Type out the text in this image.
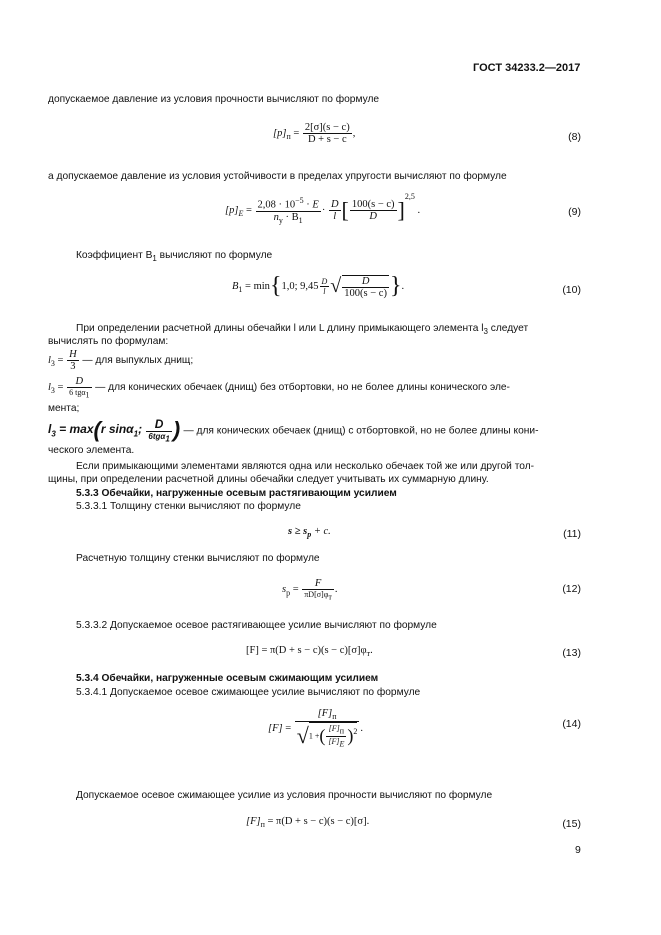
ГОСТ 34233.2—2017
допускаемое давление из условия прочности вычисляют по формуле
$[p]_п = \frac{2[\sigma](s - c)}{D + s - c}$ ,	(8)
а допускаемое давление из условия устойчивости в пределах упругости вычисляют по формуле
$[p]_E = \frac{2,08 \cdot 10^{-5} \cdot E}{n_y \cdot B_1} \cdot \frac{D}{l}$ [ $\frac{100(s - c)}{D} ]^{2,5}$ .	(9)
Коэффициент $B_1$ вычисляют по формуле
$B_1 = \min\{1,0$; $9,45 \frac{D}{l}$ √ $\frac{D}{100(s - c)}$ }.	(10)
При определении расчетной длины обечайки l или L длину примыкающего элемента $l_3$ следует
вычислять по формулам:
$l_3 = \frac{H}{3}$ — для выпуклых днищ;
$l_3 = \frac{D}{6 tg\alpha_1}$ — для конических обечаек (днищ) без отбортовки, но не более длины конического эле-
мента;
$l_3 = \max(r$ sinα$_1$; $\frac{D}{6tg\alpha_1}$ ) — для конических обечаек (днищ) с отбортовкой, но не более длины кони-
ческого элемента.
Если примыкающими элементами являются одна или несколько обечаек той же или другой тол-
щины, при определении расчетной длины обечайки следует учитывать их суммарную длину.
5.3.3 Обечайки, нагруженные осевым растягивающим усилием
5.3.3.1 Толщину стенки вычисляют по формуле
$s \ge s_p + c$.	(11)
Расчетную толщину стенки вычисляют по формуле
$s_p = \frac{F}{\pi D[\sigma]\varphi_т}$ .	(12)
5.3.3.2 Допускаемое осевое растягивающее усилие вычисляют по формуле
$[F] = \pi(D + s - c)(s - c)[\sigma]\varphi_т$.	(13)
5.3.4 Обечайки, нагруженные осевым сжимающим усилием
5.3.4.1 Допускаемое осевое сжимающее усилие вычисляют по формуле
[F] =
$[F]_п$
√1 +( $\frac{[F]_п}{[F]_E} )^2$ .	(14)
Допускаемое осевое сжимающее усилие из условия прочности вычисляют по формуле
$[F]_п = \pi(D + s - c)(s - c)[\sigma]$.	(15)
9
